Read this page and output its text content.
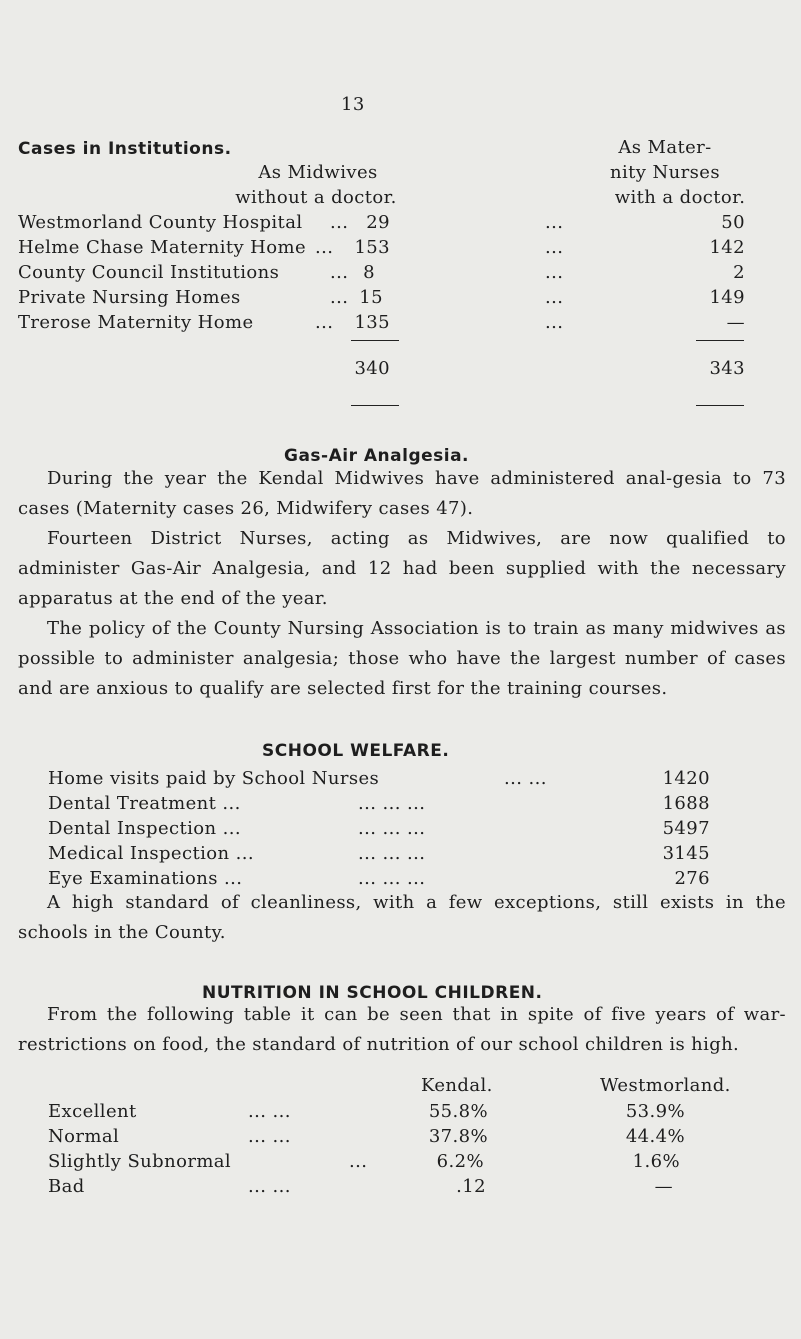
13
Cases in Institutions.
As Midwives
without a doctor.
As Mater-
nity Nurses
with a doctor.
Westmorland County Hospital ... 29	...	50
Helme Chase Maternity Home ...	153	...	142
County Council Institutions	... 8	...	2
Private Nursing Homes	... 15	...	149
Trerose Maternity Home	...	135	...	—
340	343
Gas-Air Analgesia.
During the year the Kendal Midwives have administered anal-gesia to 73 cases (Maternity cases 26, Midwifery cases 47).
Fourteen District Nurses, acting as Midwives, are now qualified to administer Gas-Air Analgesia, and 12 had been supplied with the necessary apparatus at the end of the year.
The policy of the County Nursing Association is to train as many midwives as possible to administer analgesia; those who have the largest number of cases and are anxious to qualify are selected first for the training courses.
SCHOOL WELFARE.
Home visits paid by School Nurses	... ...	1420
Dental Treatment ...	... ... ...	1688
Dental Inspection ...	... ... ...	5497
Medical Inspection ...	... ... ...	3145
Eye Examinations ...	... ... ...	276
A high standard of cleanliness, with a few exceptions, still exists in the schools in the County.
NUTRITION IN SCHOOL CHILDREN.
From the following table it can be seen that in spite of five years of war-restrictions on food, the standard of nutrition of our school children is high.
Kendal.	Westmorland.
Excellent	... ...	55.8%	53.9%
Normal	... ...	37.8%	44.4%
Slightly Subnormal	...	6.2%	1.6%
Bad	... ...	.12	—
